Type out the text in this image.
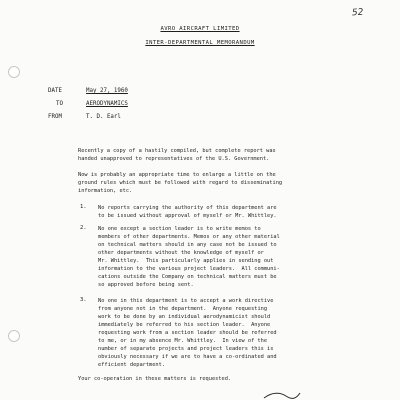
52
AVRO AIRCRAFT LIMITED
INTER-DEPARTMENTAL MEMORANDUM
DATE	May 27, 1960
TO	AERODYNAMICS
FROM	T. D. Earl
Recently a copy of a hastily compiled, but complete report was
handed unapproved to representatives of the U.S. Government.
Now is probably an appropriate time to enlarge a little on the
ground rules which must be followed with regard to disseminating
information, etc.
1. No reports carrying the authority of this department are
to be issued without approval of myself or Mr. Whittley.
2. No one except a section leader is to write memos to
members of other departments. Memos or any other material
on technical matters should in any case not be issued to
other departments without the knowledge of myself or
Mr. Whittley.  This particularly applies in sending out
information to the various project leaders.  All communi-
cations outside the Company on technical matters must be
so approved before being sent.
3. No one in this department is to accept a work directive
from anyone not in the department.  Anyone requesting
work to be done by an individual aerodynamicist should
immediately be referred to his section leader.  Anyone
requesting work from a section leader should be referred
to me, or in my absence Mr. Whittley.  In view of the
number of separate projects and project leaders this is
obviously necessary if we are to have a co-ordinated and
efficient department.
Your co-operation in these matters is requested.
